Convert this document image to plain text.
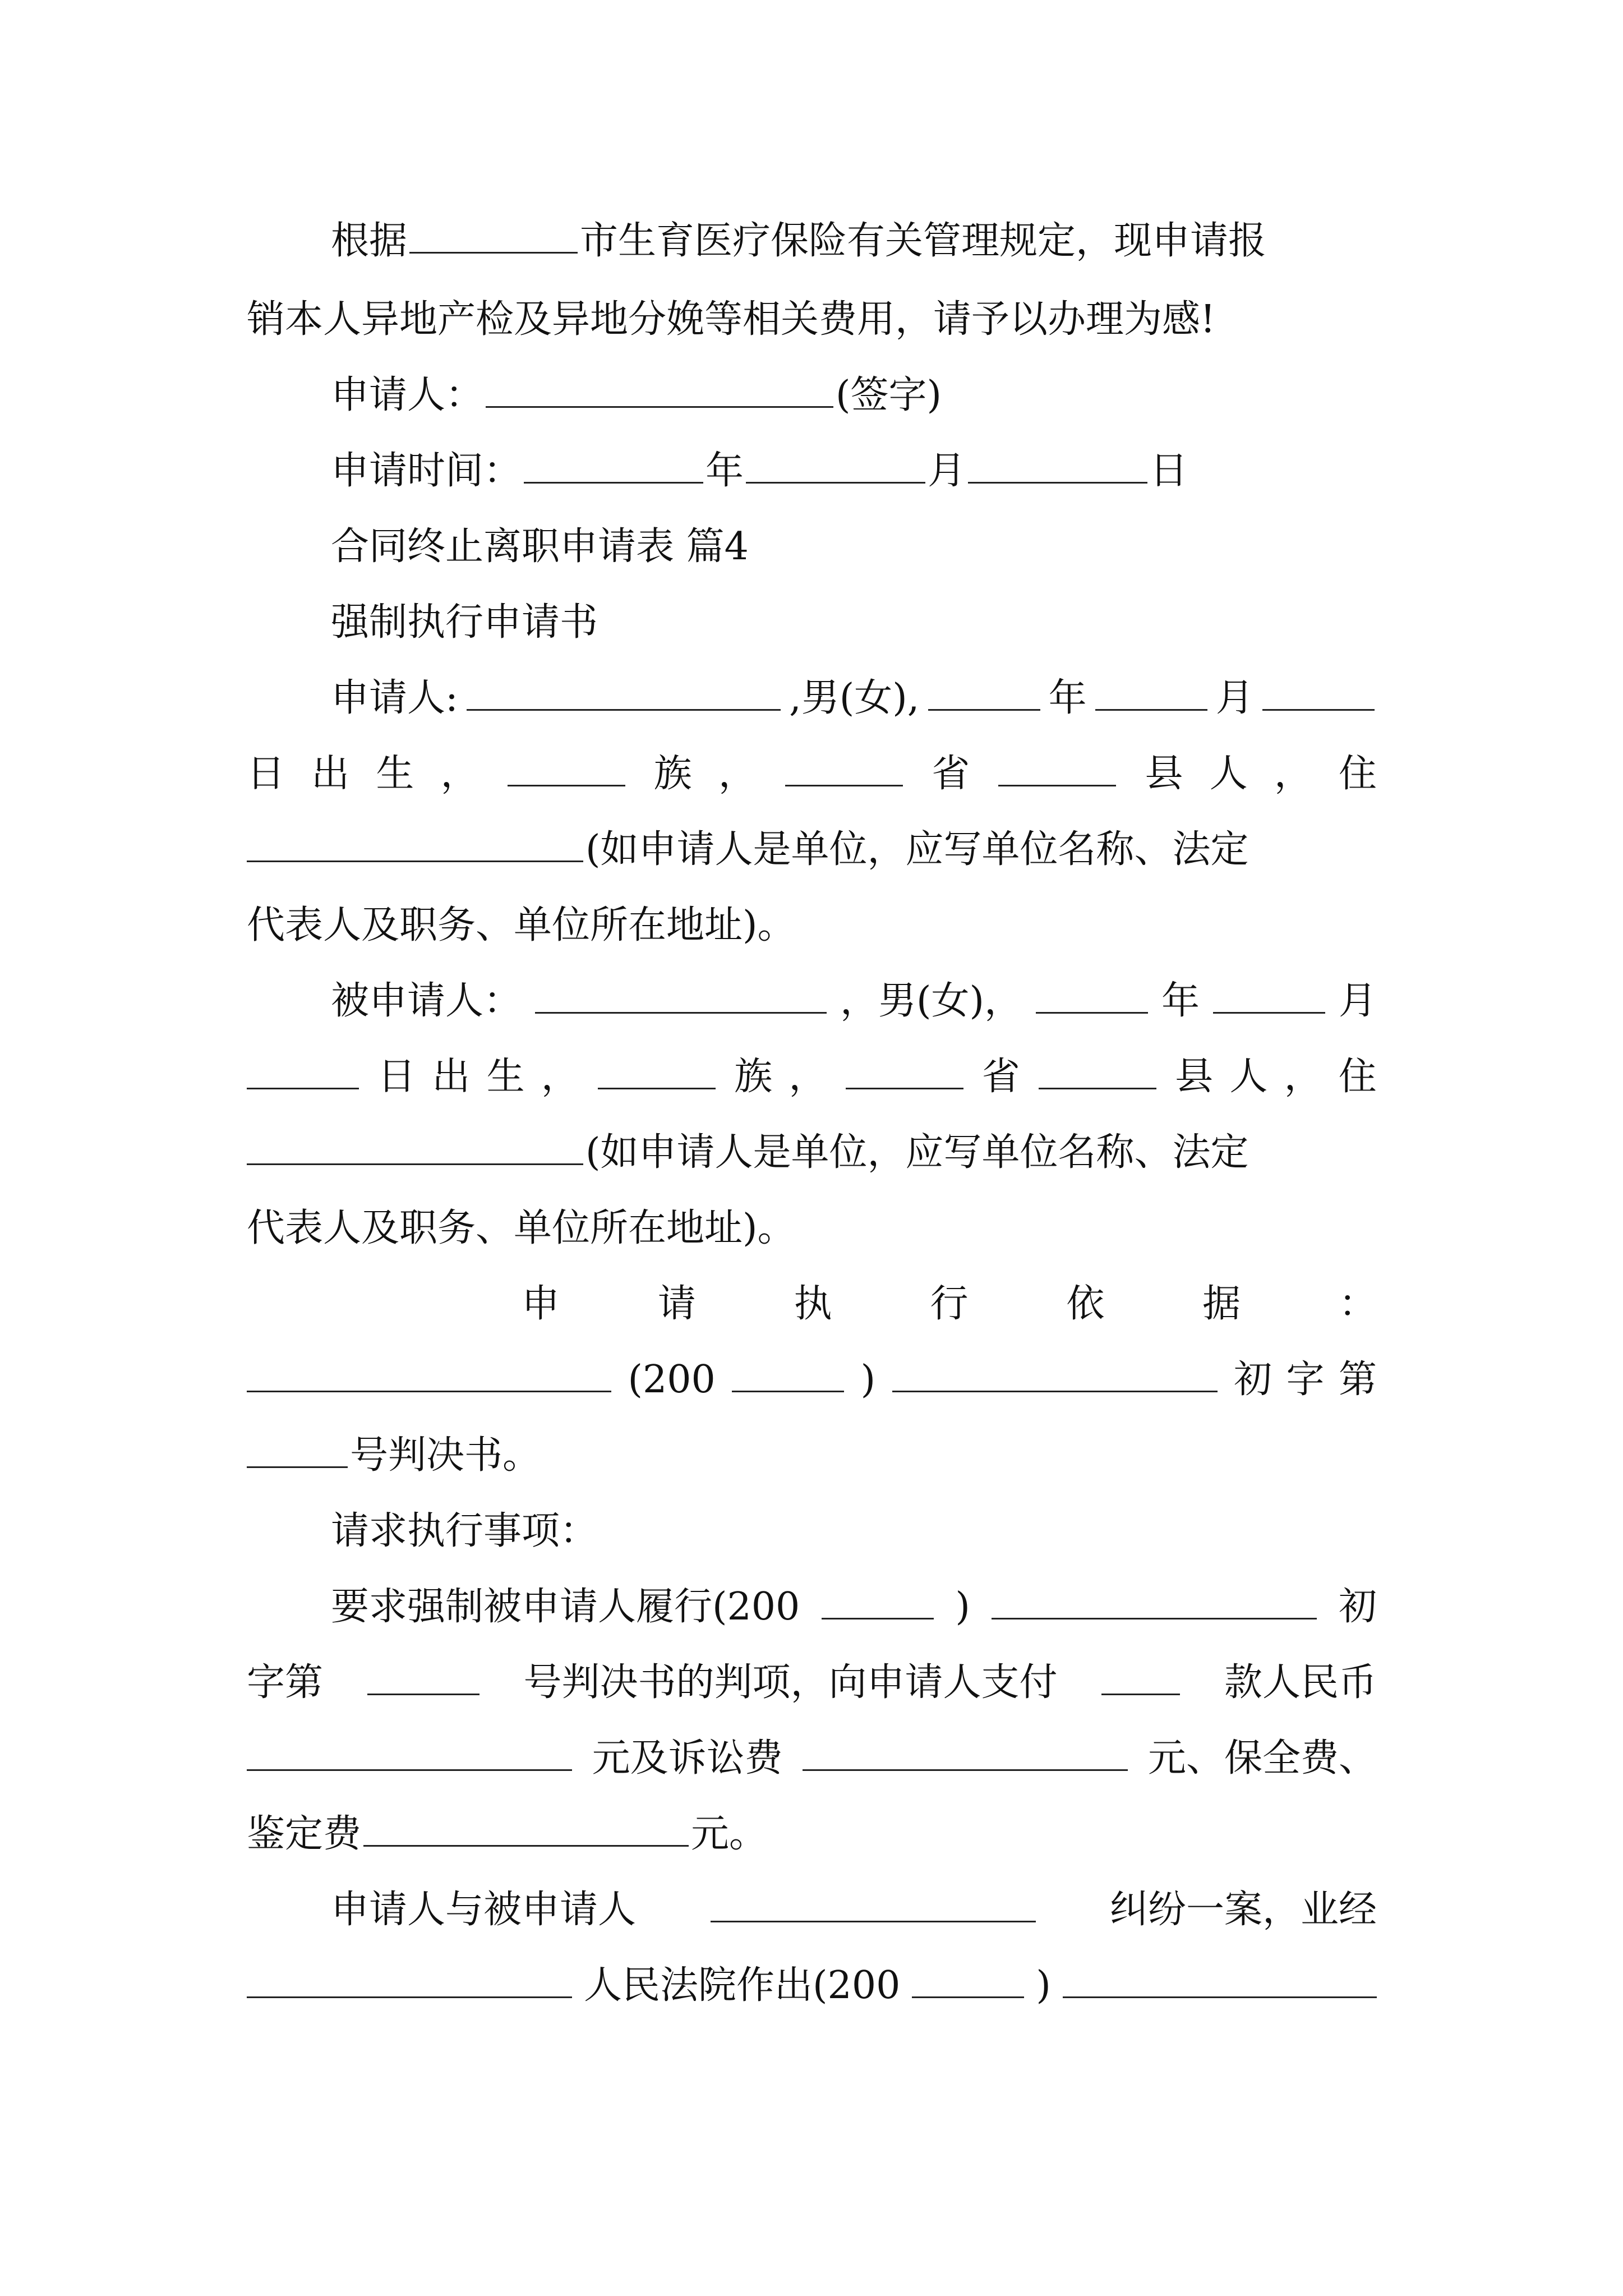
根据	市生育医疗保险有关管理规定，现申请报
销本人异地产检及异地分娩等相关费用，请予以办理为感!
申请人：	(签字)
申请时间：	年	月	日
合同终止离职申请表 篇4
强制执行申请书
申请人:	,男(女),	年	月
日 出 生 ，	族 ，	省	县 人 ， 住
(如申请人是单位，应写单位名称、法定
代表人及职务、单位所在地址)。
被申请人：	，男(女)，	年	月
日 出 生 ，	族 ，	省	县 人 ， 住
(如申请人是单位，应写单位名称、法定
代表人及职务、单位所在地址)。
申	请	执	行	依	据	：
(200	)	初 字 第
号判决书。
请求执行事项：
要求强制被申请人履行(200	)	初
字第	号判决书的判项，向申请人支付	款人民币
元及诉讼费	元、保全费、
鉴定费	元。
申请人与被申请人	纠纷一案，业经
人民法院作出(200	)
